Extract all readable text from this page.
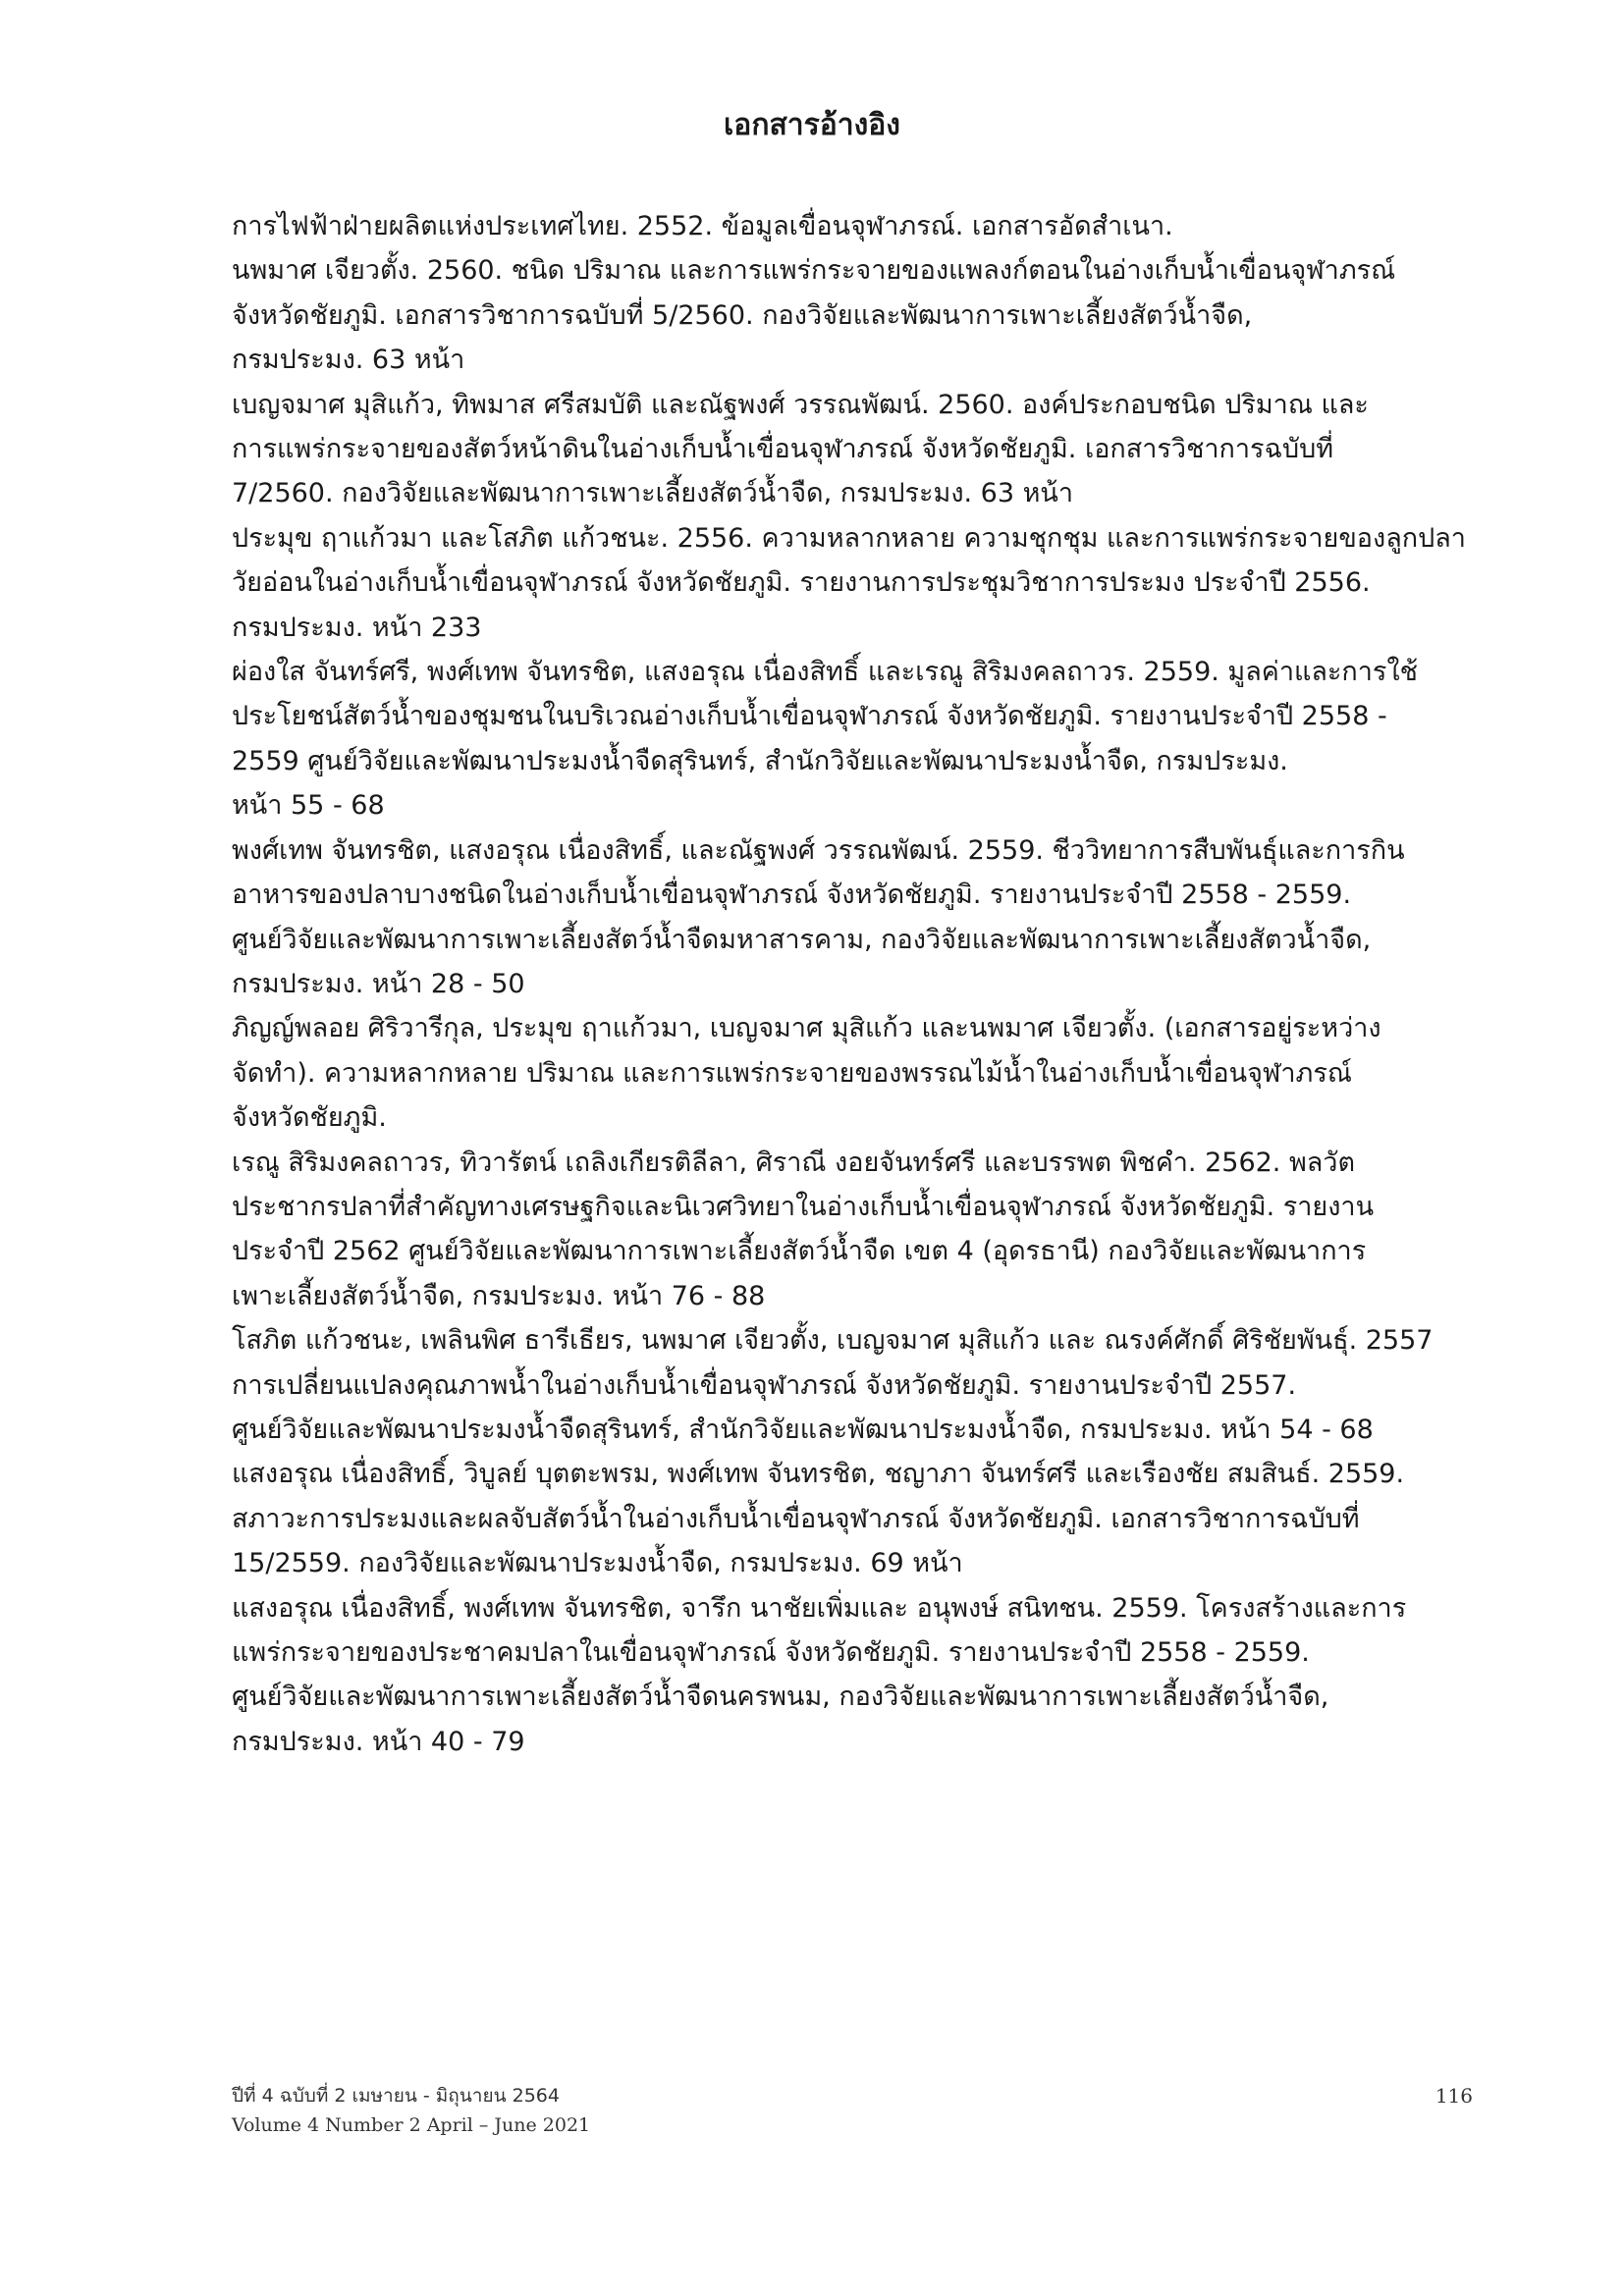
เอกสารอ้างอิง
การไฟฟ้าฝ่ายผลิตแห่งประเทศไทย. 2552. ข้อมูลเขื่อนจุฬาภรณ์. เอกสารอัดสำเนา.
นพมาศ เจียวตั้ง. 2560. ชนิด ปริมาณ และการแพร่กระจายของแพลงก์ตอนในอ่างเก็บน้ำเขื่อนจุฬาภรณ์
จังหวัดชัยภูมิ. เอกสารวิชาการฉบับที่ 5/2560. กองวิจัยและพัฒนาการเพาะเลี้ยงสัตว์น้ำจืด,
กรมประมง. 63 หน้า
เบญจมาศ มุสิแก้ว, ทิพมาส ศรีสมบัติ และณัฐพงศ์ วรรณพัฒน์. 2560. องค์ประกอบชนิด ปริมาณ และ
การแพร่กระจายของสัตว์หน้าดินในอ่างเก็บน้ำเขื่อนจุฬาภรณ์ จังหวัดชัยภูมิ. เอกสารวิชาการฉบับที่
7/2560. กองวิจัยและพัฒนาการเพาะเลี้ยงสัตว์น้ำจืด, กรมประมง. 63 หน้า
ประมุข ฤาแก้วมา และโสภิต แก้วชนะ. 2556. ความหลากหลาย ความชุกชุม และการแพร่กระจายของลูกปลา
วัยอ่อนในอ่างเก็บน้ำเขื่อนจุฬาภรณ์ จังหวัดชัยภูมิ. รายงานการประชุมวิชาการประมง ประจำปี 2556.
กรมประมง. หน้า 233
ผ่องใส จันทร์ศรี, พงศ์เทพ จันทรชิต, แสงอรุณ เนื่องสิทธิ์ และเรณู สิริมงคลถาวร. 2559. มูลค่าและการใช้
ประโยชน์สัตว์น้ำของชุมชนในบริเวณอ่างเก็บน้ำเขื่อนจุฬาภรณ์ จังหวัดชัยภูมิ. รายงานประจำปี 2558 -
2559 ศูนย์วิจัยและพัฒนาประมงน้ำจืดสุรินทร์, สำนักวิจัยและพัฒนาประมงน้ำจืด, กรมประมง.
หน้า 55 - 68
พงศ์เทพ จันทรชิต, แสงอรุณ เนื่องสิทธิ์, และณัฐพงศ์ วรรณพัฒน์. 2559. ชีววิทยาการสืบพันธุ์และการกิน
อาหารของปลาบางชนิดในอ่างเก็บน้ำเขื่อนจุฬาภรณ์ จังหวัดชัยภูมิ. รายงานประจำปี 2558 - 2559.
ศูนย์วิจัยและพัฒนาการเพาะเลี้ยงสัตว์น้ำจืดมหาสารคาม, กองวิจัยและพัฒนาการเพาะเลี้ยงสัตวน้ำจืด,
กรมประมง. หน้า 28 - 50
ภิญญ์พลอย ศิริวารีกุล, ประมุข ฤาแก้วมา, เบญจมาศ มุสิแก้ว และนพมาศ เจียวตั้ง. (เอกสารอยู่ระหว่าง
จัดทำ). ความหลากหลาย ปริมาณ และการแพร่กระจายของพรรณไม้น้ำในอ่างเก็บน้ำเขื่อนจุฬาภรณ์
จังหวัดชัยภูมิ.
เรณู สิริมงคลถาวร, ทิวารัตน์ เถลิงเกียรติลีลา, ศิราณี งอยจันทร์ศรี และบรรพต พิชคำ. 2562. พลวัต
ประชากรปลาที่สำคัญทางเศรษฐกิจและนิเวศวิทยาในอ่างเก็บน้ำเขื่อนจุฬาภรณ์ จังหวัดชัยภูมิ. รายงาน
ประจำปี 2562 ศูนย์วิจัยและพัฒนาการเพาะเลี้ยงสัตว์น้ำจืด เขต 4 (อุดรธานี) กองวิจัยและพัฒนาการ
เพาะเลี้ยงสัตว์น้ำจืด, กรมประมง. หน้า 76 - 88
โสภิต แก้วชนะ, เพลินพิศ ธารีเธียร, นพมาศ เจียวตั้ง, เบญจมาศ มุสิแก้ว และ ณรงค์ศักดิ์ ศิริชัยพันธุ์. 2557
การเปลี่ยนแปลงคุณภาพน้ำในอ่างเก็บน้ำเขื่อนจุฬาภรณ์ จังหวัดชัยภูมิ. รายงานประจำปี 2557.
ศูนย์วิจัยและพัฒนาประมงน้ำจืดสุรินทร์, สำนักวิจัยและพัฒนาประมงน้ำจืด, กรมประมง. หน้า 54 - 68
แสงอรุณ เนื่องสิทธิ์, วิบูลย์ บุตตะพรม, พงศ์เทพ จันทรชิต, ชญาภา จันทร์ศรี และเรืองชัย สมสินธ์. 2559.
สภาวะการประมงและผลจับสัตว์น้ำในอ่างเก็บน้ำเขื่อนจุฬาภรณ์ จังหวัดชัยภูมิ. เอกสารวิชาการฉบับที่
15/2559. กองวิจัยและพัฒนาประมงน้ำจืด, กรมประมง. 69 หน้า
แสงอรุณ เนื่องสิทธิ์, พงศ์เทพ จันทรชิต, จารึก นาชัยเพิ่มและ อนุพงษ์ สนิทชน. 2559. โครงสร้างและการ
แพร่กระจายของประชาคมปลาในเขื่อนจุฬาภรณ์ จังหวัดชัยภูมิ. รายงานประจำปี 2558 - 2559.
ศูนย์วิจัยและพัฒนาการเพาะเลี้ยงสัตว์น้ำจืดนครพนม, กองวิจัยและพัฒนาการเพาะเลี้ยงสัตว์น้ำจืด,
กรมประมง. หน้า 40 - 79
ปีที่ 4 ฉบับที่ 2 เมษายน - มิถุนายน 2564
Volume 4 Number 2 April – June 2021
116
